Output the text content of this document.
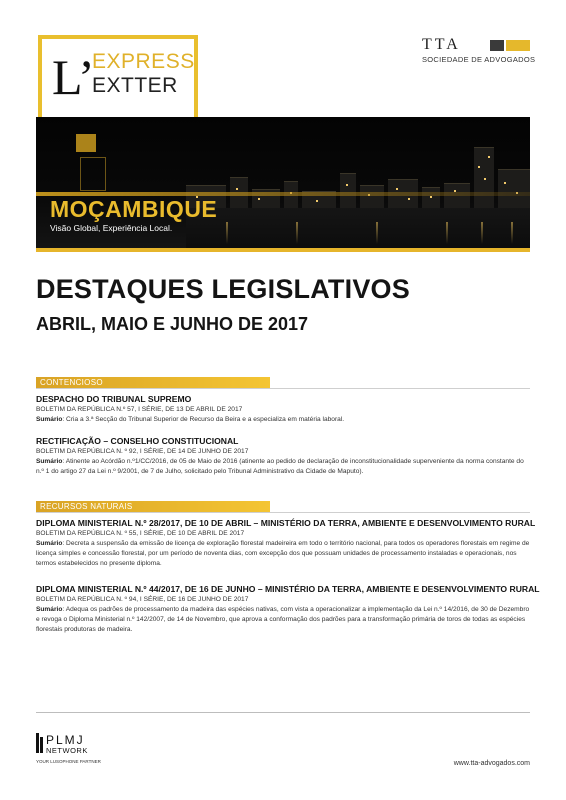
L’
EXPRESS
EXTTER
TTA
SOCIEDADE DE ADVOGADOS
MOÇAMBIQUE
Visão Global, Experiência Local.
DESTAQUES LEGISLATIVOS
ABRIL, MAIO E JUNHO DE 2017
CONTENCIOSO
DESPACHO DO TRIBUNAL SUPREMO
BOLETIM DA REPÚBLICA N.º 57, I SÉRIE, DE 13 DE ABRIL DE 2017
Sumário: Cria a 3.ª Secção do Tribunal Superior de Recurso da Beira e a especializa em matéria laboral.
RECTIFICAÇÃO – CONSELHO CONSTITUCIONAL
BOLETIM DA REPÚBLICA N. º 92, I SÉRIE, DE 14 DE JUNHO DE 2017
Sumário: Atinente ao Acórdão n.º1/CC/2016, de 05 de Maio de 2016 (atinente ao pedido de declaração de inconstitucionalidade superveniente da norma constante do n.º 1 do artigo 27 da Lei n.º 9/2001, de 7 de Julho, solicitado pelo Tribunal Administrativo da Cidade de Maputo).
RECURSOS NATURAIS
DIPLOMA MINISTERIAL N.º 28/2017, DE 10 DE ABRIL – MINISTÉRIO DA TERRA, AMBIENTE E DESENVOLVIMENTO RURAL
BOLETIM DA REPÚBLICA N. º 55, I SÉRIE, DE 10 DE ABRIL DE 2017
Sumário: Decreta a suspensão da emissão de licença de exploração florestal madeireira em todo o território nacional, para todos os operadores florestais em regime de licença simples e concessão florestal, por um período de noventa dias, com excepção dos que possuam unidades de processamento instaladas e operacionais, nos termos estabelecidos no presente diploma.
DIPLOMA MINISTERIAL N.º 44/2017, DE 16 DE JUNHO – MINISTÉRIO DA TERRA, AMBIENTE E DESENVOLVIMENTO RURAL
BOLETIM DA REPÚBLICA N. º 94, I SÉRIE, DE 16 DE JUNHO DE 2017
Sumário: Adequa os padrões de processamento da madeira das espécies nativas, com vista a operacionalizar a implementação da Lei n.º 14/2016, de 30 de Dezembro e revoga o Diploma Ministerial n.º 142/2007, de 14 de Novembro, que aprova a conformação dos padrões para a transformação primária de toros de todas as espécies florestais produtoras de madeira.
PLMJ
NETWORK
YOUR LUSOPHONE PARTNER	www.tta-advogados.com
